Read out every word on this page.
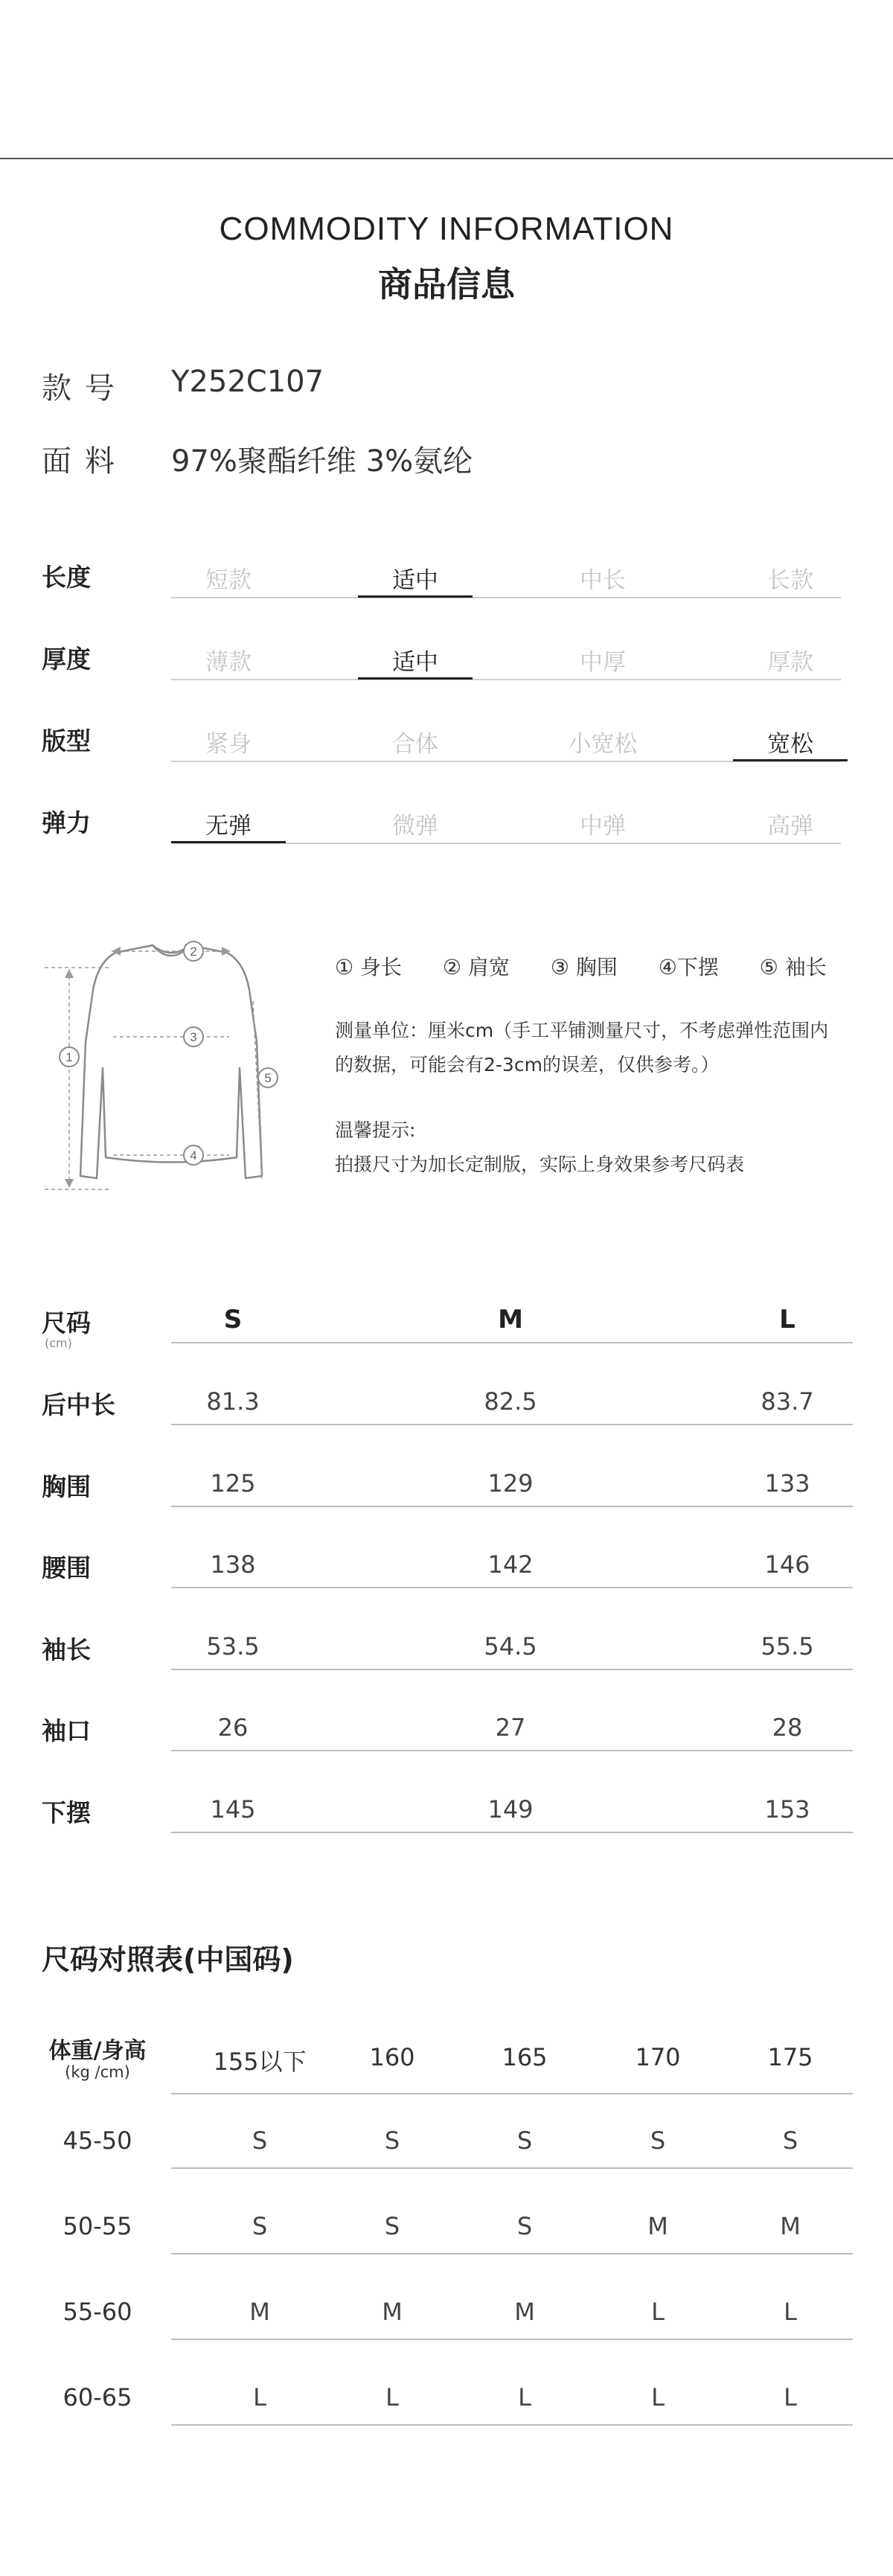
COMMODITY INFORMATION
商品信息
款号 Y252C107
面料 97%聚酯纤维 3%氨纶
长度	短款	适中	中长	长款
厚度	薄款	适中	中厚	厚款
版型	紧身	合体	小宽松	宽松
弹力	无弹	微弹	中弹	高弹
1
2
3
4
5
① 身长 ② 肩宽 ③ 胸围 ④下摆 ⑤ 袖长
测量单位：厘米cm（手工平铺测量尺寸，不考虑弹性范围内
的数据，可能会有2-3cm的误差，仅供参考。）
温馨提示:
拍摄尺寸为加长定制版，实际上身效果参考尺码表
尺码
(cm)
S	M	L
后中长	81.3	82.5	83.7
胸围	125	129	133
腰围	138	142	146
袖长	53.5	54.5	55.5
袖口	26	27	28
下摆	145	149	153
尺码对照表(中国码)
体重/身高
(kg /cm)	155以下	160	165	170	175
45-50	S	S	S	S	S
50-55	S	S	S	M	M
55-60	M	M	M	L	L
60-65	L	L	L	L	L
